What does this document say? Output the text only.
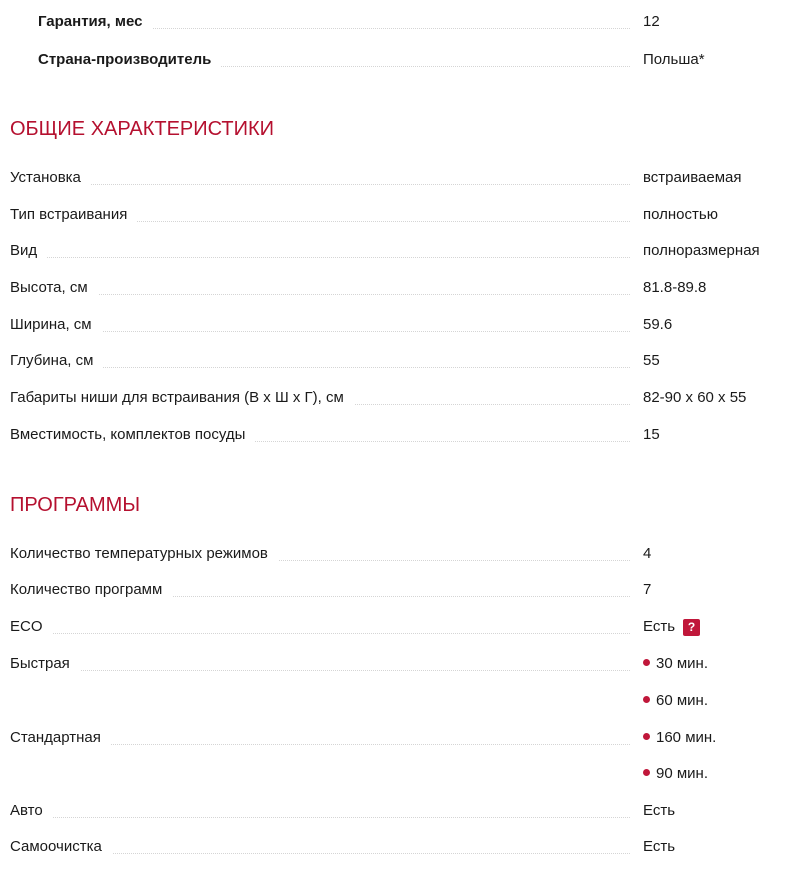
Гарантия, мес	12
Страна-производитель	Польша*
ОБЩИЕ ХАРАКТЕРИСТИКИ
Установка	встраиваемая
Тип встраивания	полностью
Вид	полноразмерная
Высота, см	81.8-89.8
Ширина, см	59.6
Глубина, см	55
Габариты ниши для встраивания (В х Ш х Г), см	82-90 x 60 x 55
Вместимость, комплектов посуды	15
ПРОГРАММЫ
Количество температурных режимов	4
Количество программ	7
ECO	Есть ?
Быстрая	30 мин.
60 мин.
Стандартная	160 мин.
90 мин.
Авто	Есть
Самоочистка	Есть
